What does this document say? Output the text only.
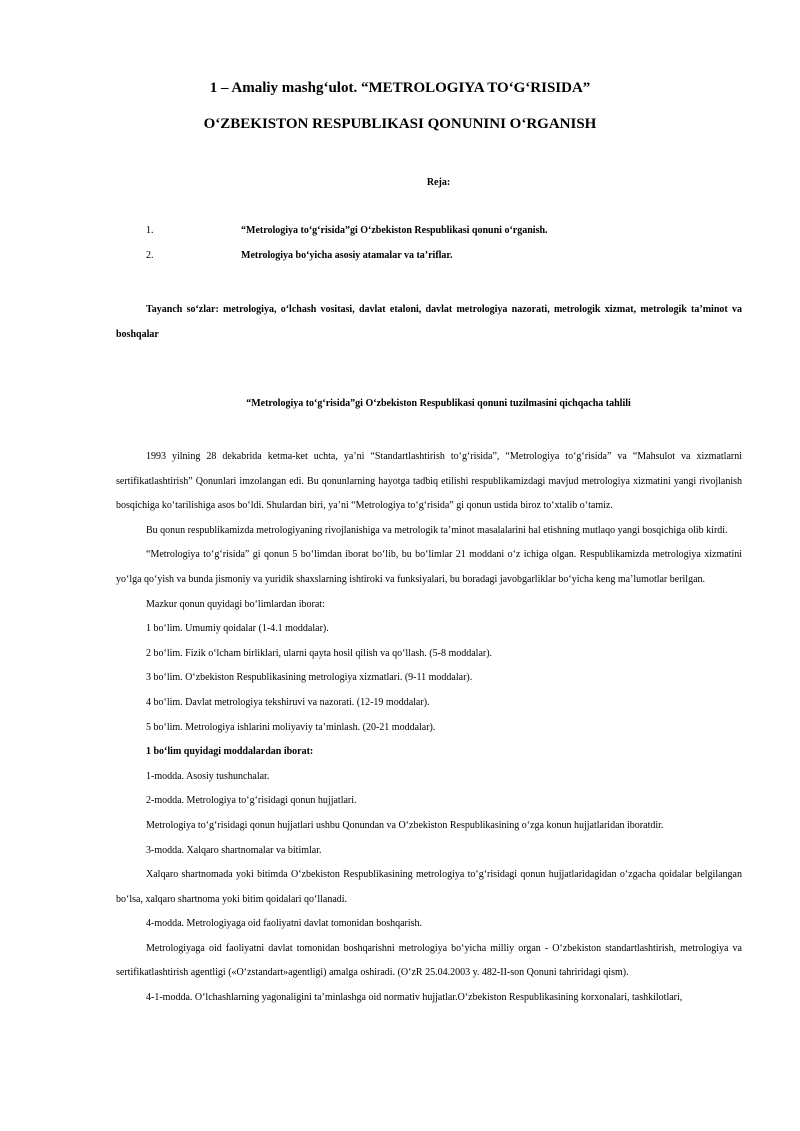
1 – Amaliy mashg‘ulot. “METROLOGIYA TO‘G‘RISIDA”
O‘ZBEKISTON RESPUBLIKASI QONUNINI O‘RGANISH
Reja:
1.	“Metrologiya to‘g‘risida”gi O‘zbekiston Respublikasi qonuni o‘rganish.
2.	Metrologiya bo‘yicha asosiy atamalar va ta’riflar.
Tayanch so‘zlar: metrologiya, o‘lchash vositasi, davlat etaloni, davlat metrologiya nazorati, metrologik xizmat, metrologik ta’minot va boshqalar
“Metrologiya to‘g‘risida”gi O‘zbekiston Respublikasi qonuni tuzilmasini qichqacha tahlili

1993 yilning 28 dekabrida ketma-ket uchta, ya’ni “Standartlashtirish to‘g‘risida”, “Metrologiya to‘g‘risida” va “Mahsulot va xizmatlarni sertifikatlashtirish” Qonunlari imzolangan edi. Bu qonunlarning hayotga tadbiq etilishi respublikamizdagi mavjud metrologiya xizmatini yangi rivojlanish bosqichiga ko‘tarilishiga asos bo‘ldi. Shulardan biri, ya’ni “Metrologiya to‘g‘risida” gi qonun ustida biroz to‘xtalib o‘tamiz.

Bu qonun respublikamizda metrologiyaning rivojlanishiga va metrologik ta’minot masalalarini hal etishning mutlaqo yangi bosqichiga olib kirdi.

“Metrologiya to‘g‘risida” gi qonun 5 bo‘limdan iborat bo‘lib, bu bo‘limlar 21 moddani o‘z ichiga olgan. Respublikamizda metrologiya xizmatini yo‘lga qo‘yish va bunda jismoniy va yuridik shaxslarning ishtiroki va funksiyalari, bu boradagi javobgarliklar bo‘yicha keng ma’lumotlar berilgan.

Mazkur qonun quyidagi bo‘limlardan iborat:

1 bo‘lim. Umumiy qoidalar (1-4.1 moddalar).

2 bo‘lim. Fizik o‘lcham birliklari, ularni qayta hosil qilish va qo‘llash. (5-8 moddalar).

3 bo‘lim. O‘zbekiston Respublikasining metrologiya xizmatlari. (9-11 moddalar).

4 bo‘lim. Davlat metrologiya tekshiruvi va nazorati. (12-19 moddalar).

5 bo‘lim. Metrologiya ishlarini moliyaviy ta’minlash. (20-21 moddalar).

1 bo‘lim quyidagi moddalardan iborat:

1-modda. Asosiy tushunchalar.

2-modda. Metrologiya to‘g‘risidagi qonun hujjatlari.

Metrologiya to‘g‘risidagi qonun hujjatlari ushbu Qonundan va O‘zbekiston Respublikasining o‘zga konun hujjatlaridan iboratdir.

3-modda. Xalqaro shartnomalar va bitimlar.

Xalqaro shartnomada yoki bitimda O‘zbekiston Respublikasining metrologiya to‘g‘risidagi qonun hujjatlaridagidan o‘zgacha qoidalar belgilangan bo‘lsa, xalqaro shartnoma yoki bitim qoidalari qo‘llanadi.

4-modda. Metrologiyaga oid faoliyatni davlat tomonidan boshqarish.

Metrologiyaga oid faoliyatni davlat tomonidan boshqarishni metrologiya bo‘yicha milliy organ - O‘zbekiston standartlashtirish, metrologiya va sertifikatlashtirish agentligi («O‘zstandart»agentligi) amalga oshiradi. (O‘zR 25.04.2003 y. 482-II-son Qonuni tahriridagi qism).

4-1-modda. O‘lchashlarning yagonaligini ta’minlashga oid normativ hujjatlar.O‘zbekiston Respublikasining korxonalari, tashkilotlari,
